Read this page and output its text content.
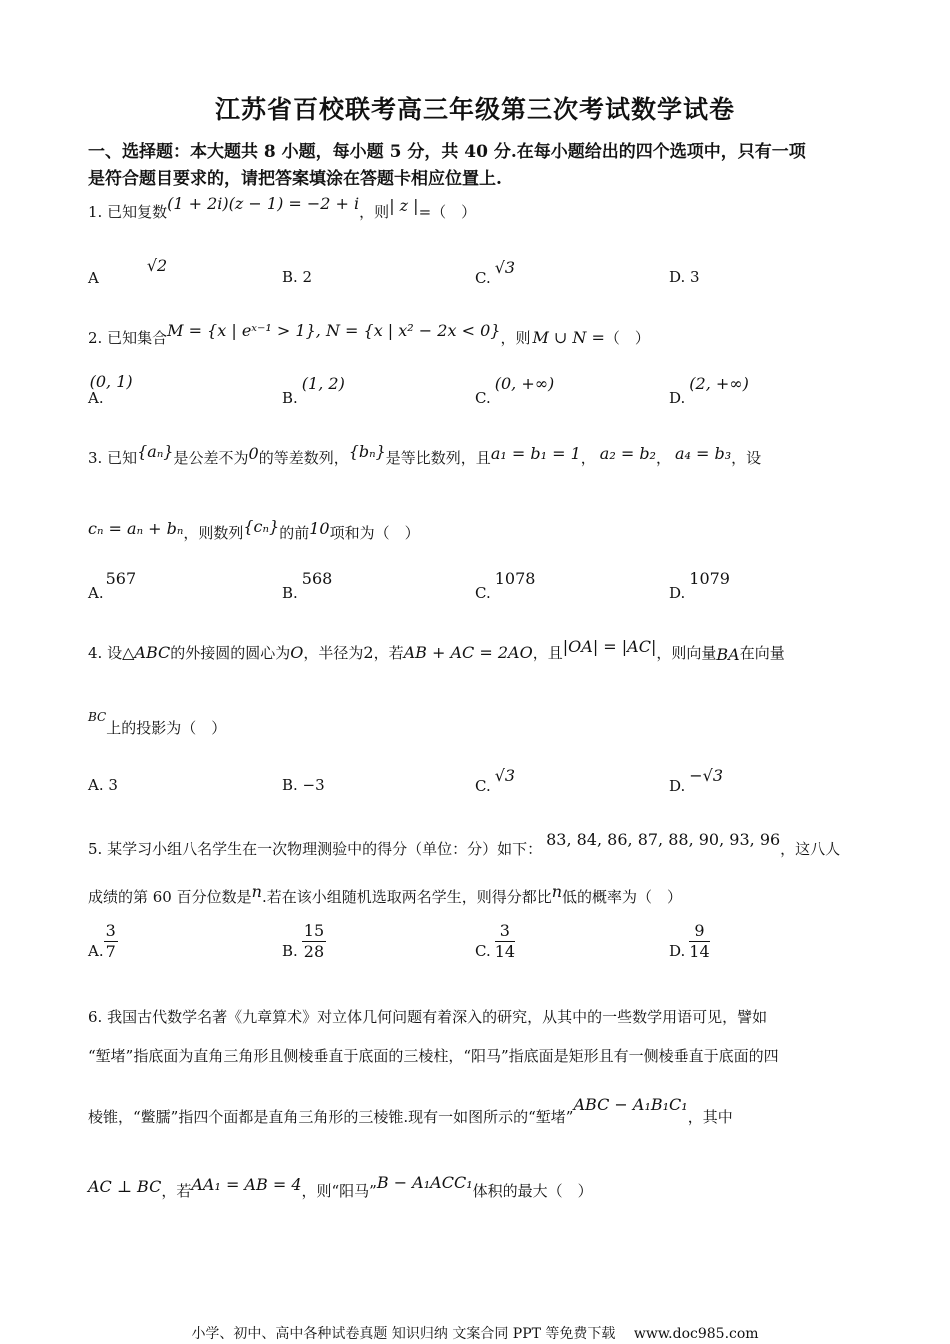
江苏省百校联考高三年级第三次考试数学试卷
一、选择题：本大题共 8 小题，每小题 5 分，共 40 分.在每小题给出的四个选项中，只有一项
是符合题目要求的，请把答案填涂在答题卡相应位置上.
1. 已知复数(1 + 2i)(z − 1) = −2 + i，则| z |=（　）
A√2
B. 2	C.√3	D. 3
2. 已知集合M = {x | eˣ⁻¹ > 1}, N = {x | x² − 2x < 0}，则 M ∪ N =（　）
A.(0, 1)
B.(1, 2)
C.(0, +∞)
D.(2, +∞)
3. 已知{aₙ}是公差不为0的等差数列，{bₙ}是等比数列，且a₁ = b₁ = 1， a₂ = b₂， a₄ = b₃，设
cₙ = aₙ + bₙ，则数列{cₙ}的前10项和为（　）
A.567
B.568
C.1078
D.1079
4. 设△ABC的外接圆的圆心为O，半径为2，若AB + AC = 2AO，且|OA| = |AC|，则向量BA在向量
$^{BC}$上的投影为（　）
A. 3	B. −3	C.√3
D.−√3
5. 某学习小组八名学生在一次物理测验中的得分（单位：分）如下： 83, 84, 86, 87, 88, 90, 93, 96，这八人
成绩的第 60 百分位数是n.若在该小组随机选取两名学生，则得分都比n低的概率为（　）
A. $\frac{3}{7}$	B. $\frac{15}{28}$	C. $\frac{3}{14}$	D. $\frac{9}{14}$
6. 我国古代数学名著《九章算术》对立体几何问题有着深入的研究，从其中的一些数学用语可见，譬如
“堑堵”指底面为直角三角形且侧棱垂直于底面的三棱柱，“阳马”指底面是矩形且有一侧棱垂直于底面的四
棱锥，“鳖臑”指四个面都是直角三角形的三棱锥.现有一如图所示的“堑堵”ABC − A₁B₁C₁，其中
AC ⊥ BC，若AA₁ = AB = 4，则“阳马”B − A₁ACC₁体积的最大（　）
小学、初中、高中各种试卷真题 知识归纳 文案合同 PPT 等免费下载 www.doc985.com
